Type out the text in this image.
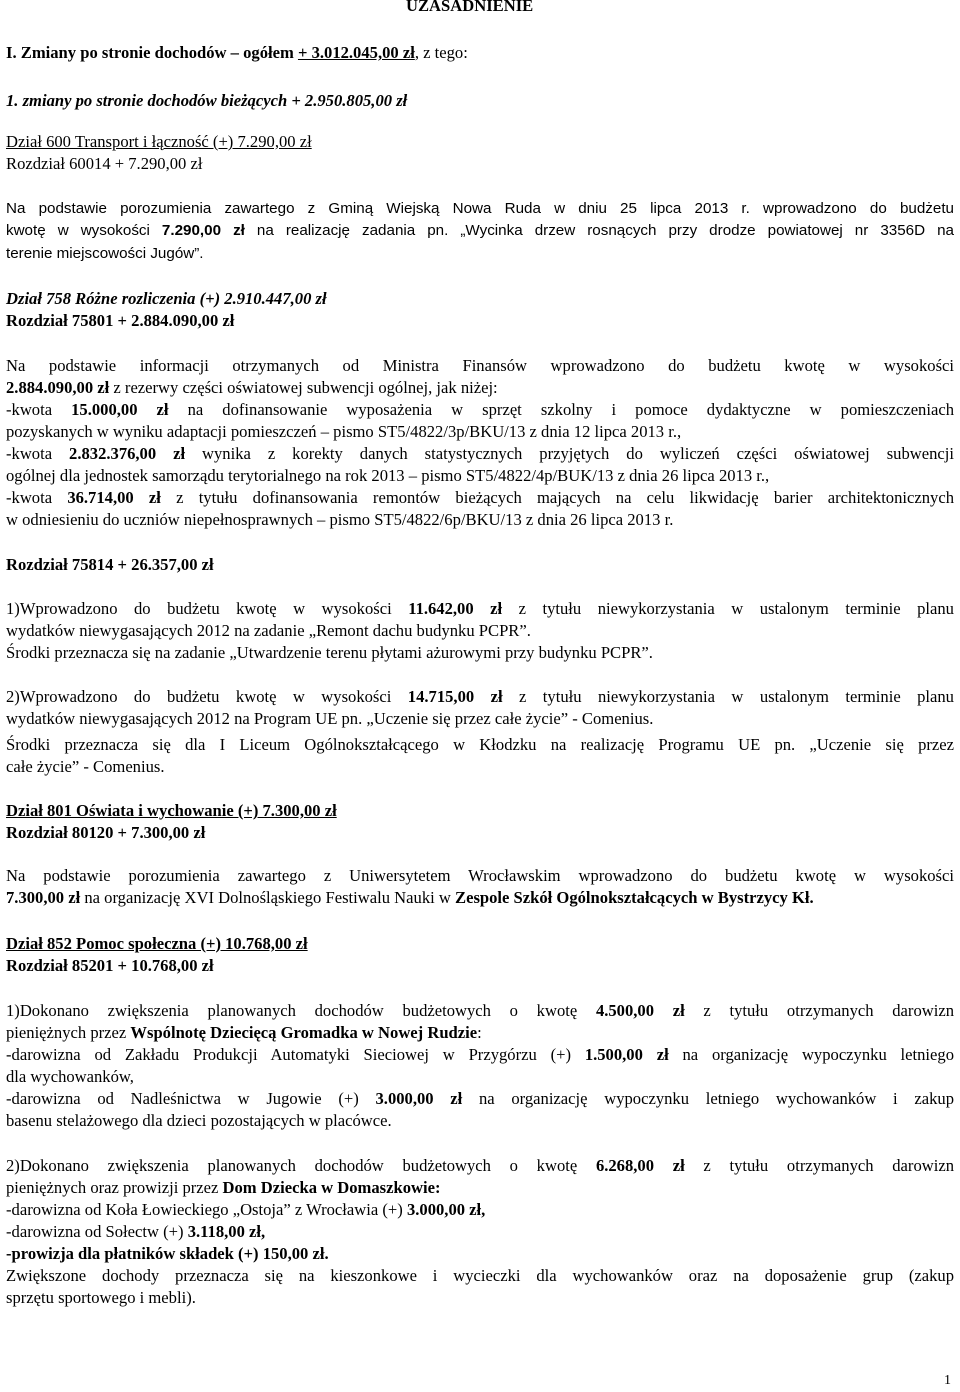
UZASADNIENIE
I. Zmiany po stronie dochodów – ogółem + 3.012.045,00 zł, z tego:
1. zmiany po stronie dochodów bieżących + 2.950.805,00 zł
Dział 600 Transport i łączność (+) 7.290,00 zł
Rozdział 60014 + 7.290,00 zł
Na podstawie porozumienia zawartego z Gminą Wiejską Nowa Ruda w dniu 25 lipca 2013 r. wprowadzono do budżetu
kwotę w wysokości 7.290,00 zł na realizację zadania pn. „Wycinka drzew rosnących przy drodze powiatowej nr 3356D na
terenie miejscowości Jugów”.
Dział 758 Różne rozliczenia (+) 2.910.447,00 zł
Rozdział 75801 + 2.884.090,00 zł
Na podstawie informacji otrzymanych od Ministra Finansów wprowadzono do budżetu kwotę w wysokości
2.884.090,00 zł z rezerwy części oświatowej subwencji ogólnej, jak niżej:
-kwota 15.000,00 zł na dofinansowanie wyposażenia w sprzęt szkolny i pomoce dydaktyczne w pomieszczeniach
pozyskanych w wyniku adaptacji pomieszczeń – pismo ST5/4822/3p/BKU/13 z dnia 12 lipca 2013 r.,
-kwota 2.832.376,00 zł wynika z korekty danych statystycznych przyjętych do wyliczeń części oświatowej subwencji
ogólnej dla jednostek samorządu terytorialnego na rok 2013 – pismo ST5/4822/4p/BUK/13 z dnia 26 lipca 2013 r.,
-kwota 36.714,00 zł z tytułu dofinansowania remontów bieżących mających na celu likwidację barier architektonicznych
w odniesieniu do uczniów niepełnosprawnych – pismo ST5/4822/6p/BKU/13 z dnia 26 lipca 2013 r.
Rozdział 75814 + 26.357,00 zł
1)Wprowadzono do budżetu kwotę w wysokości 11.642,00 zł z tytułu niewykorzystania w ustalonym terminie planu
wydatków niewygasających 2012 na zadanie „Remont dachu budynku PCPR”.
Środki przeznacza się na zadanie „Utwardzenie terenu płytami ażurowymi przy budynku PCPR”.
2)Wprowadzono do budżetu kwotę w wysokości 14.715,00 zł z tytułu niewykorzystania w ustalonym terminie planu
wydatków niewygasających 2012 na Program UE pn. „Uczenie się przez całe życie” - Comenius.
Środki przeznacza się dla I Liceum Ogólnokształcącego w Kłodzku na realizację Programu UE pn. „Uczenie się przez
całe życie” - Comenius.
Dział 801 Oświata i wychowanie (+) 7.300,00 zł
Rozdział 80120 + 7.300,00 zł
Na podstawie porozumienia zawartego z Uniwersytetem Wrocławskim wprowadzono do budżetu kwotę w wysokości
7.300,00 zł na organizację XVI Dolnośląskiego Festiwalu Nauki w Zespole Szkół Ogólnokształcących w Bystrzycy Kł.
Dział 852 Pomoc społeczna (+) 10.768,00 zł
Rozdział 85201 + 10.768,00 zł
1)Dokonano zwiększenia planowanych dochodów budżetowych o kwotę 4.500,00 zł z tytułu otrzymanych darowizn
pieniężnych przez Wspólnotę Dziecięcą Gromadka w Nowej Rudzie:
-darowizna od Zakładu Produkcji Automatyki Sieciowej w Przygórzu (+) 1.500,00 zł na organizację wypoczynku letniego
dla wychowanków,
-darowizna od Nadleśnictwa w Jugowie (+) 3.000,00 zł na organizację wypoczynku letniego wychowanków i zakup
basenu stelażowego dla dzieci pozostających w placówce.
2)Dokonano zwiększenia planowanych dochodów budżetowych o kwotę 6.268,00 zł z tytułu otrzymanych darowizn
pieniężnych oraz prowizji przez Dom Dziecka w Domaszkowie:
-darowizna od Koła Łowieckiego „Ostoja” z Wrocławia (+) 3.000,00 zł,
-darowizna od Sołectw (+) 3.118,00 zł,
-prowizja dla płatników składek (+) 150,00 zł.
Zwiększone dochody przeznacza się na kieszonkowe i wycieczki dla wychowanków oraz na doposażenie grup (zakup
sprzętu sportowego i mebli).
1
